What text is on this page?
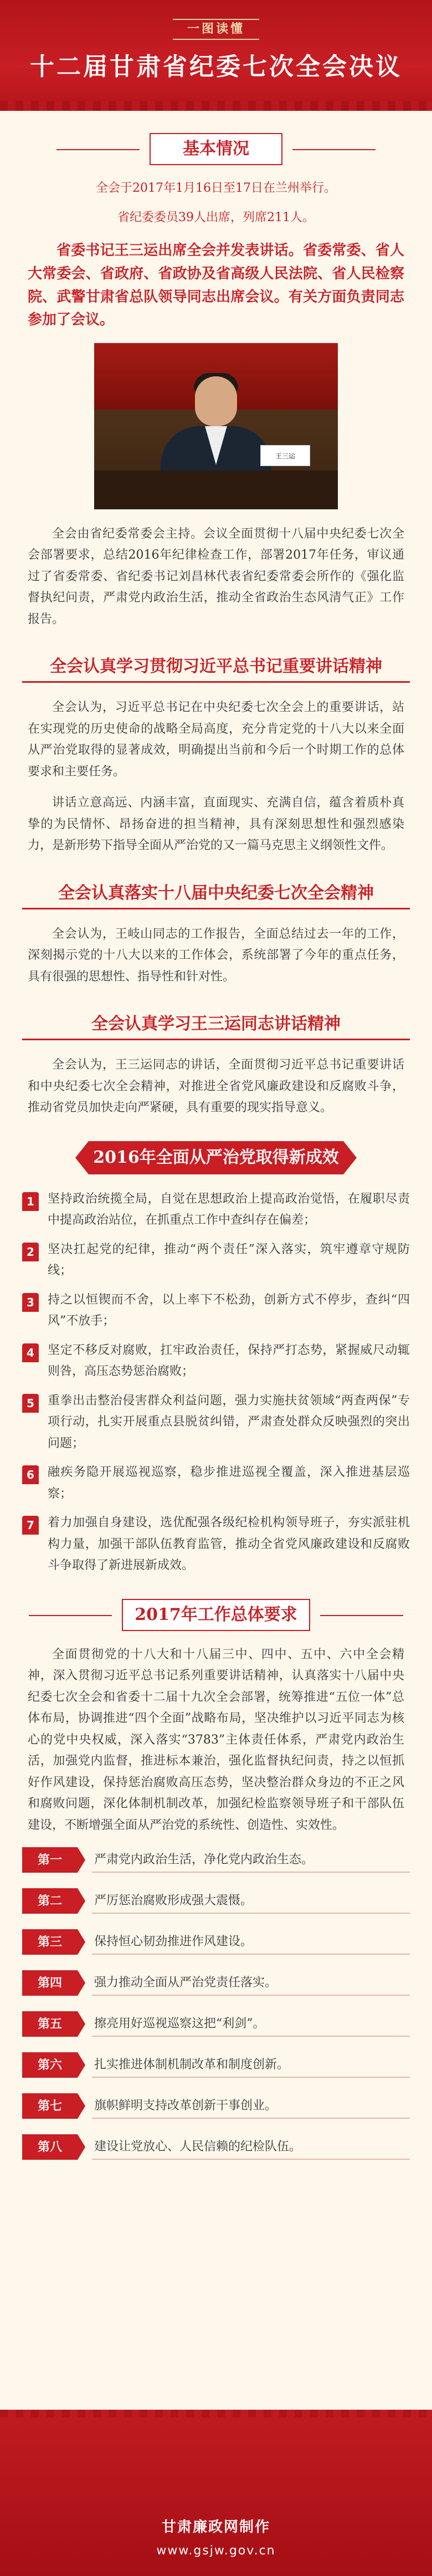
一图读懂
十二届甘肃省纪委七次全会决议
基本情况

全会于2017年1月16日至17日在兰州举行。

省纪委委员39人出席，列席211人。

省委书记王三运出席全会并发表讲话。省委常委、省人大常委会、省政府、省政协及省高级人民法院、省人民检察院、武警甘肃省总队领导同志出席会议。有关方面负责同志参加了会议。

王三运

全会由省纪委常委会主持。会议全面贯彻十八届中央纪委七次全会部署要求，总结2016年纪律检查工作，部署2017年任务，审议通过了省委常委、省纪委书记刘昌林代表省纪委常委会所作的《强化监督执纪问责，严肃党内政治生活，推动全省政治生态风清气正》工作报告。

全会认真学习贯彻习近平总书记重要讲话精神

全会认为，习近平总书记在中央纪委七次全会上的重要讲话，站在实现党的历史使命的战略全局高度，充分肯定党的十八大以来全面从严治党取得的显著成效，明确提出当前和今后一个时期工作的总体要求和主要任务。

讲话立意高远、内涵丰富，直面现实、充满自信，蕴含着质朴真挚的为民情怀、昂扬奋进的担当精神，具有深刻思想性和强烈感染力，是新形势下指导全面从严治党的又一篇马克思主义纲领性文件。

全会认真落实十八届中央纪委七次全会精神

全会认为，王岐山同志的工作报告，全面总结过去一年的工作，深刻揭示党的十八大以来的工作体会，系统部署了今年的重点任务，具有很强的思想性、指导性和针对性。

全会认真学习王三运同志讲话精神

全会认为，王三运同志的讲话，全面贯彻习近平总书记重要讲话和中央纪委七次全会精神，对推进全省党风廉政建设和反腐败斗争，推动省党员加快走向严紧硬，具有重要的现实指导意义。

2016年全面从严治党取得新成效
1	坚持政治统揽全局，自觉在思想政治上提高政治觉悟，在履职尽责中提高政治站位，在抓重点工作中查纠存在偏差；
2	坚决扛起党的纪律，推动“两个责任”深入落实，筑牢遵章守规防线；
3	持之以恒锲而不舍，以上率下不松劲，创新方式不停步，查纠“四风”不放手；
4	坚定不移反对腐败，扛牢政治责任，保持严打态势，紧握威尺动辄则咎，高压态势惩治腐败；
5	重拳出击整治侵害群众利益问题，强力实施扶贫领域“两查两保”专项行动，扎实开展重点县脱贫纠错，严肃查处群众反映强烈的突出问题；
6	融疾务隐开展巡视巡察，稳步推进巡视全覆盖，深入推进基层巡察；
7	着力加强自身建设，选优配强各级纪检机构领导班子，夯实派驻机构力量，加强干部队伍教育监管，推动全省党风廉政建设和反腐败斗争取得了新进展新成效。
2017年工作总体要求

全面贯彻党的十八大和十八届三中、四中、五中、六中全会精神，深入贯彻习近平总书记系列重要讲话精神，认真落实十八届中央纪委七次全会和省委十二届十九次全会部署，统筹推进“五位一体”总体布局，协调推进“四个全面”战略布局，坚决维护以习近平同志为核心的党中央权威，深入落实“3783”主体责任体系，严肃党内政治生活，加强党内监督，推进标本兼治，强化监督执纪问责，持之以恒抓好作风建设，保持惩治腐败高压态势，坚决整治群众身边的不正之风和腐败问题，深化体制机制改革，加强纪检监察领导班子和干部队伍建设，不断增强全面从严治党的系统性、创造性、实效性。

第一	严肃党内政治生活，净化党内政治生态。
第二	严厉惩治腐败形成强大震慑。
第三	保持恒心韧劲推进作风建设。
第四	强力推动全面从严治党责任落实。
第五	擦亮用好巡视巡察这把“利剑”。
第六	扎实推进体制机制改革和制度创新。
第七	旗帜鲜明支持改革创新干事创业。
第八	建设让党放心、人民信赖的纪检队伍。
甘肃廉政网制作
www.gsjw.gov.cn
